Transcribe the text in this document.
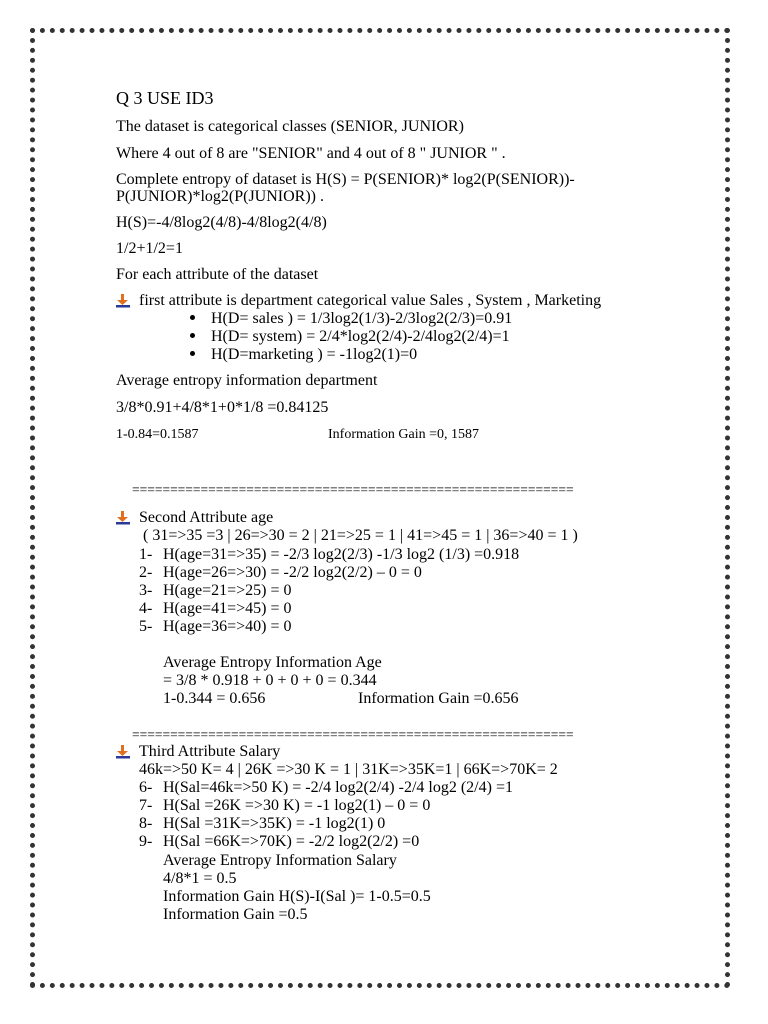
Q 3 USE ID3
The dataset is categorical classes (SENIOR, JUNIOR)
Where 4 out of 8 are "SENIOR" and 4 out of 8 " JUNIOR " .
Complete entropy of dataset is H(S) = P(SENIOR)* log2(P(SENIOR))-
P(JUNIOR)*log2(P(JUNIOR)) .
H(S)=-4/8log2(4/8)-4/8log2(4/8)
1/2+1/2=1
For each attribute of the dataset
first attribute is department categorical value Sales , System , Marketing
H(D= sales ) = 1/3log2(1/3)-2/3log2(2/3)=0.91
H(D= system) = 2/4*log2(2/4)-2/4log2(2/4)=1
H(D=marketing ) = -1log2(1)=0
Average entropy information department
3/8*0.91+4/8*1+0*1/8 =0.84125
1-0.84=0.1587	Information Gain =0, 1587
==========================================================
Second Attribute age
( 31=>35 =3 | 26=>30 = 2 | 21=>25 = 1 | 41=>45 = 1 | 36=>40 = 1 )
1- H(age=31=>35) = -2/3 log2(2/3) -1/3 log2 (1/3) =0.918
2- H(age=26=>30) = -2/2 log2(2/2) – 0 = 0
3- H(age=21=>25) = 0
4- H(age=41=>45) = 0
5- H(age=36=>40) = 0
Average Entropy Information Age
= 3/8 * 0.918 + 0 + 0 + 0 = 0.344
1-0.344 = 0.656	Information Gain =0.656
==========================================================
Third Attribute Salary
46k=>50 K= 4 | 26K =>30 K = 1 | 31K=>35K=1 | 66K=>70K= 2
6- H(Sal=46k=>50 K) = -2/4 log2(2/4) -2/4 log2 (2/4) =1
7- H(Sal =26K =>30 K) = -1 log2(1) – 0 = 0
8- H(Sal =31K=>35K) = -1 log2(1) 0
9- H(Sal =66K=>70K) = -2/2 log2(2/2) =0
Average Entropy Information Salary
4/8*1 = 0.5
Information Gain H(S)-I(Sal )= 1-0.5=0.5
Information Gain =0.5
